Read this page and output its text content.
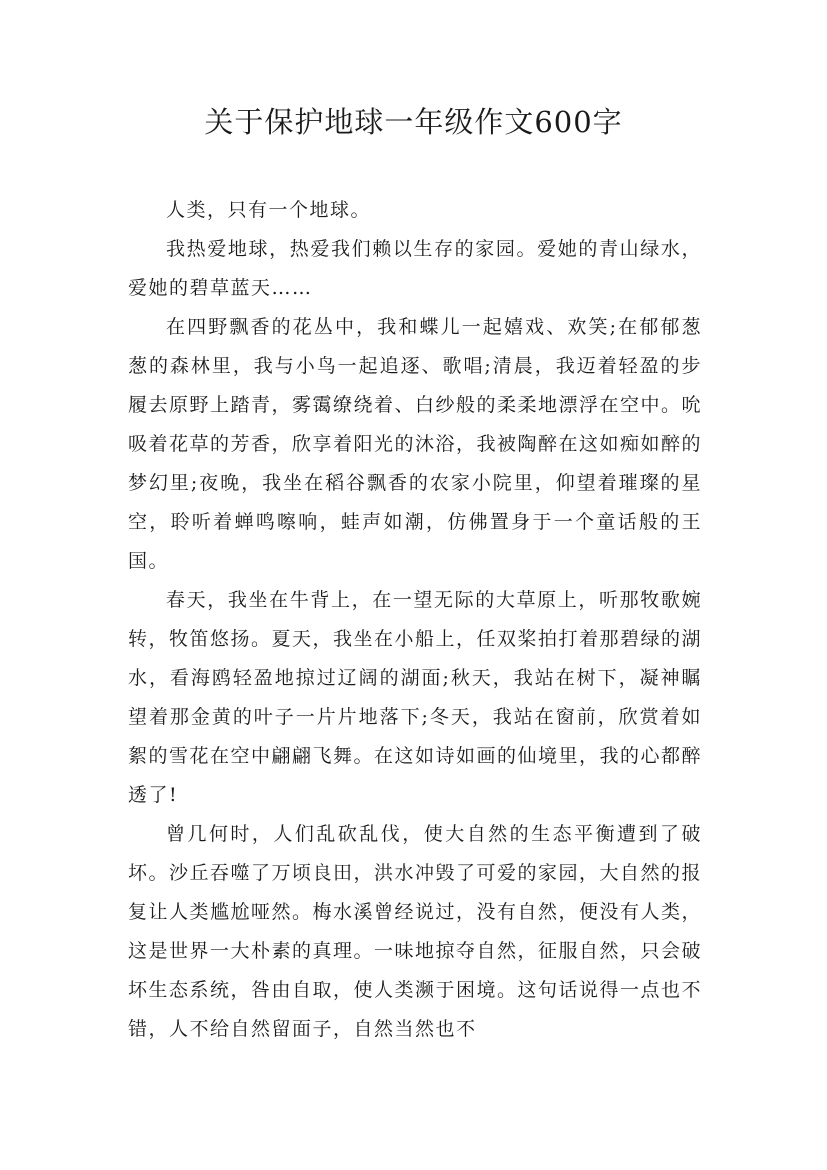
关于保护地球一年级作文600字

人类，只有一个地球。

我热爱地球，热爱我们赖以生存的家园。爱她的青山绿水，爱她的碧草蓝天……

在四野飘香的花丛中，我和蝶儿一起嬉戏、欢笑;在郁郁葱葱的森林里，我与小鸟一起追逐、歌唱;清晨，我迈着轻盈的步履去原野上踏青，雾霭缭绕着、白纱般的柔柔地漂浮在空中。吮吸着花草的芳香，欣享着阳光的沐浴，我被陶醉在这如痴如醉的梦幻里;夜晚，我坐在稻谷飘香的农家小院里，仰望着璀璨的星空，聆听着蝉鸣嚓响，蛙声如潮，仿佛置身于一个童话般的王国。

春天，我坐在牛背上，在一望无际的大草原上，听那牧歌婉转，牧笛悠扬。夏天，我坐在小船上，任双桨拍打着那碧绿的湖水，看海鸥轻盈地掠过辽阔的湖面;秋天，我站在树下，凝神瞩望着那金黄的叶子一片片地落下;冬天，我站在窗前，欣赏着如絮的雪花在空中翩翩飞舞。在这如诗如画的仙境里，我的心都醉透了!

曾几何时，人们乱砍乱伐，使大自然的生态平衡遭到了破坏。沙丘吞噬了万顷良田，洪水冲毁了可爱的家园，大自然的报复让人类尴尬哑然。梅水溪曾经说过，没有自然，便没有人类，这是世界一大朴素的真理。一味地掠夺自然，征服自然，只会破坏生态系统，咎由自取，使人类濒于困境。这句话说得一点也不错，人不给自然留面子，自然当然也不
